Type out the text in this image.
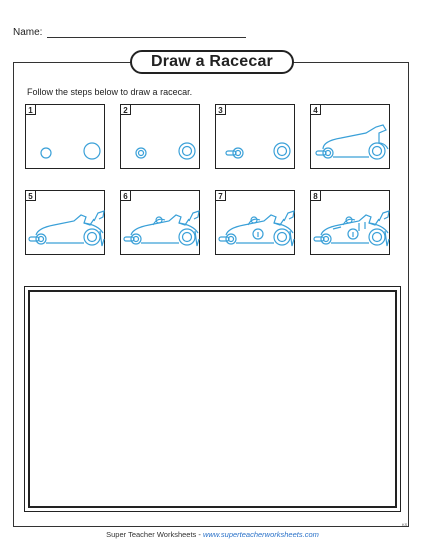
Name:
Draw a Racecar
Follow the steps below to draw a racecar.
1	2	3	4
5	6	7	8
Super Teacher Worksheets - www.superteacherworksheets.com
KS
